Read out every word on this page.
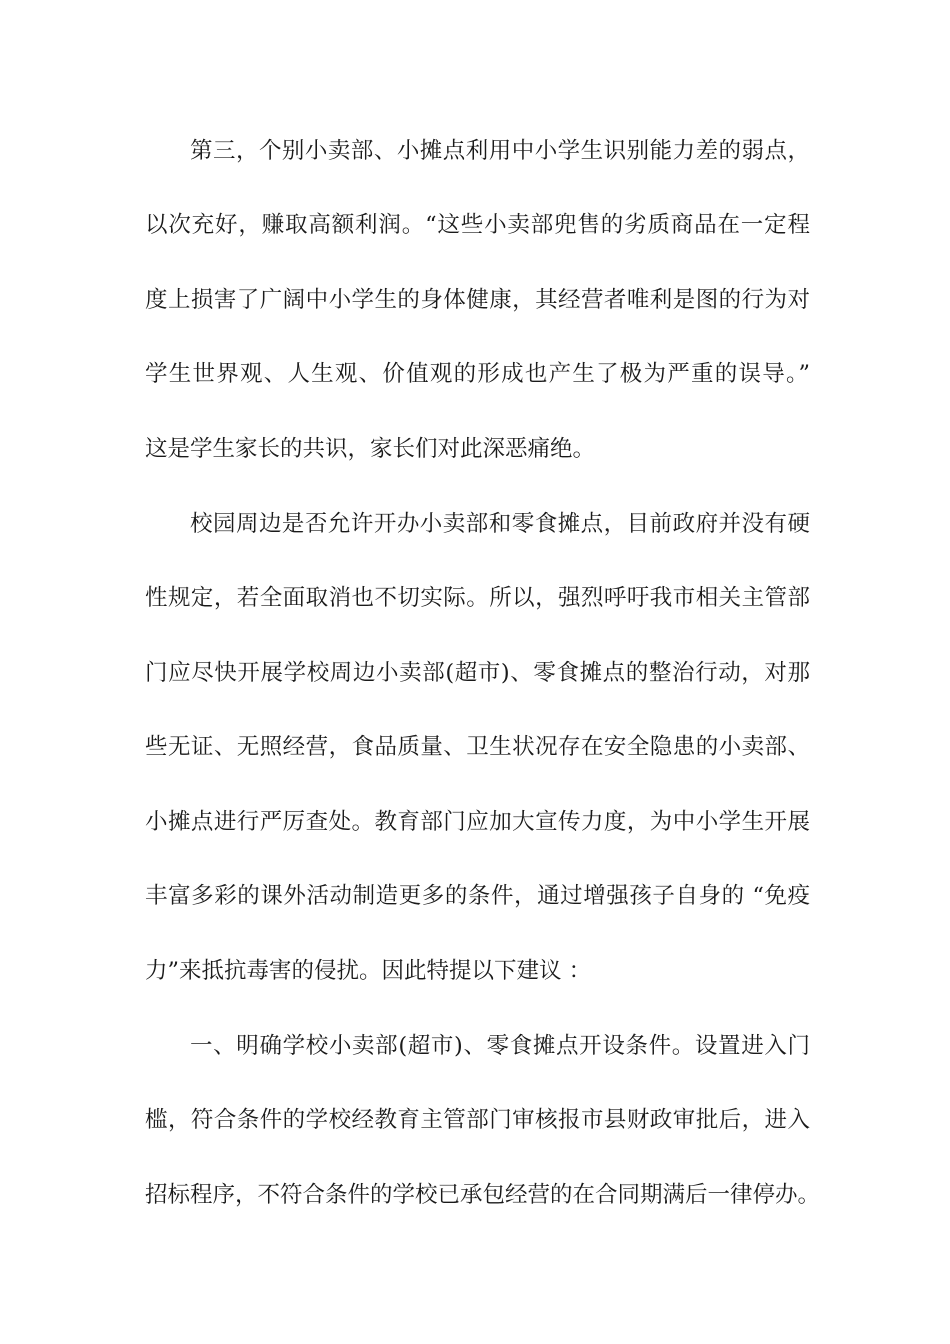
第三，个别小卖部、小摊点利用中小学生识别能力差的弱点，
以次充好，赚取高额利润。“这些小卖部兜售的劣质商品在一定程
度上损害了广阔中小学生的身体健康，其经营者唯利是图的行为对
学生世界观、人生观、价值观的形成也产生了极为严重的误导。”
这是学生家长的共识，家长们对此深恶痛绝。
校园周边是否允许开办小卖部和零食摊点，目前政府并没有硬
性规定，若全面取消也不切实际。所以，强烈呼吁我市相关主管部
门应尽快开展学校周边小卖部(超市)、零食摊点的整治行动，对那
些无证、无照经营，食品质量、卫生状况存在安全隐患的小卖部、
小摊点进行严厉查处。教育部门应加大宣传力度，为中小学生开展
丰富多彩的课外活动制造更多的条件，通过增强孩子自身的 “免疫
力”来抵抗毒害的侵扰。因此特提以下建议 ：
一、明确学校小卖部(超市)、零食摊点开设条件。设置进入门
槛，符合条件的学校经教育主管部门审核报市县财政审批后，进入
招标程序，不符合条件的学校已承包经营的在合同期满后一律停办。
